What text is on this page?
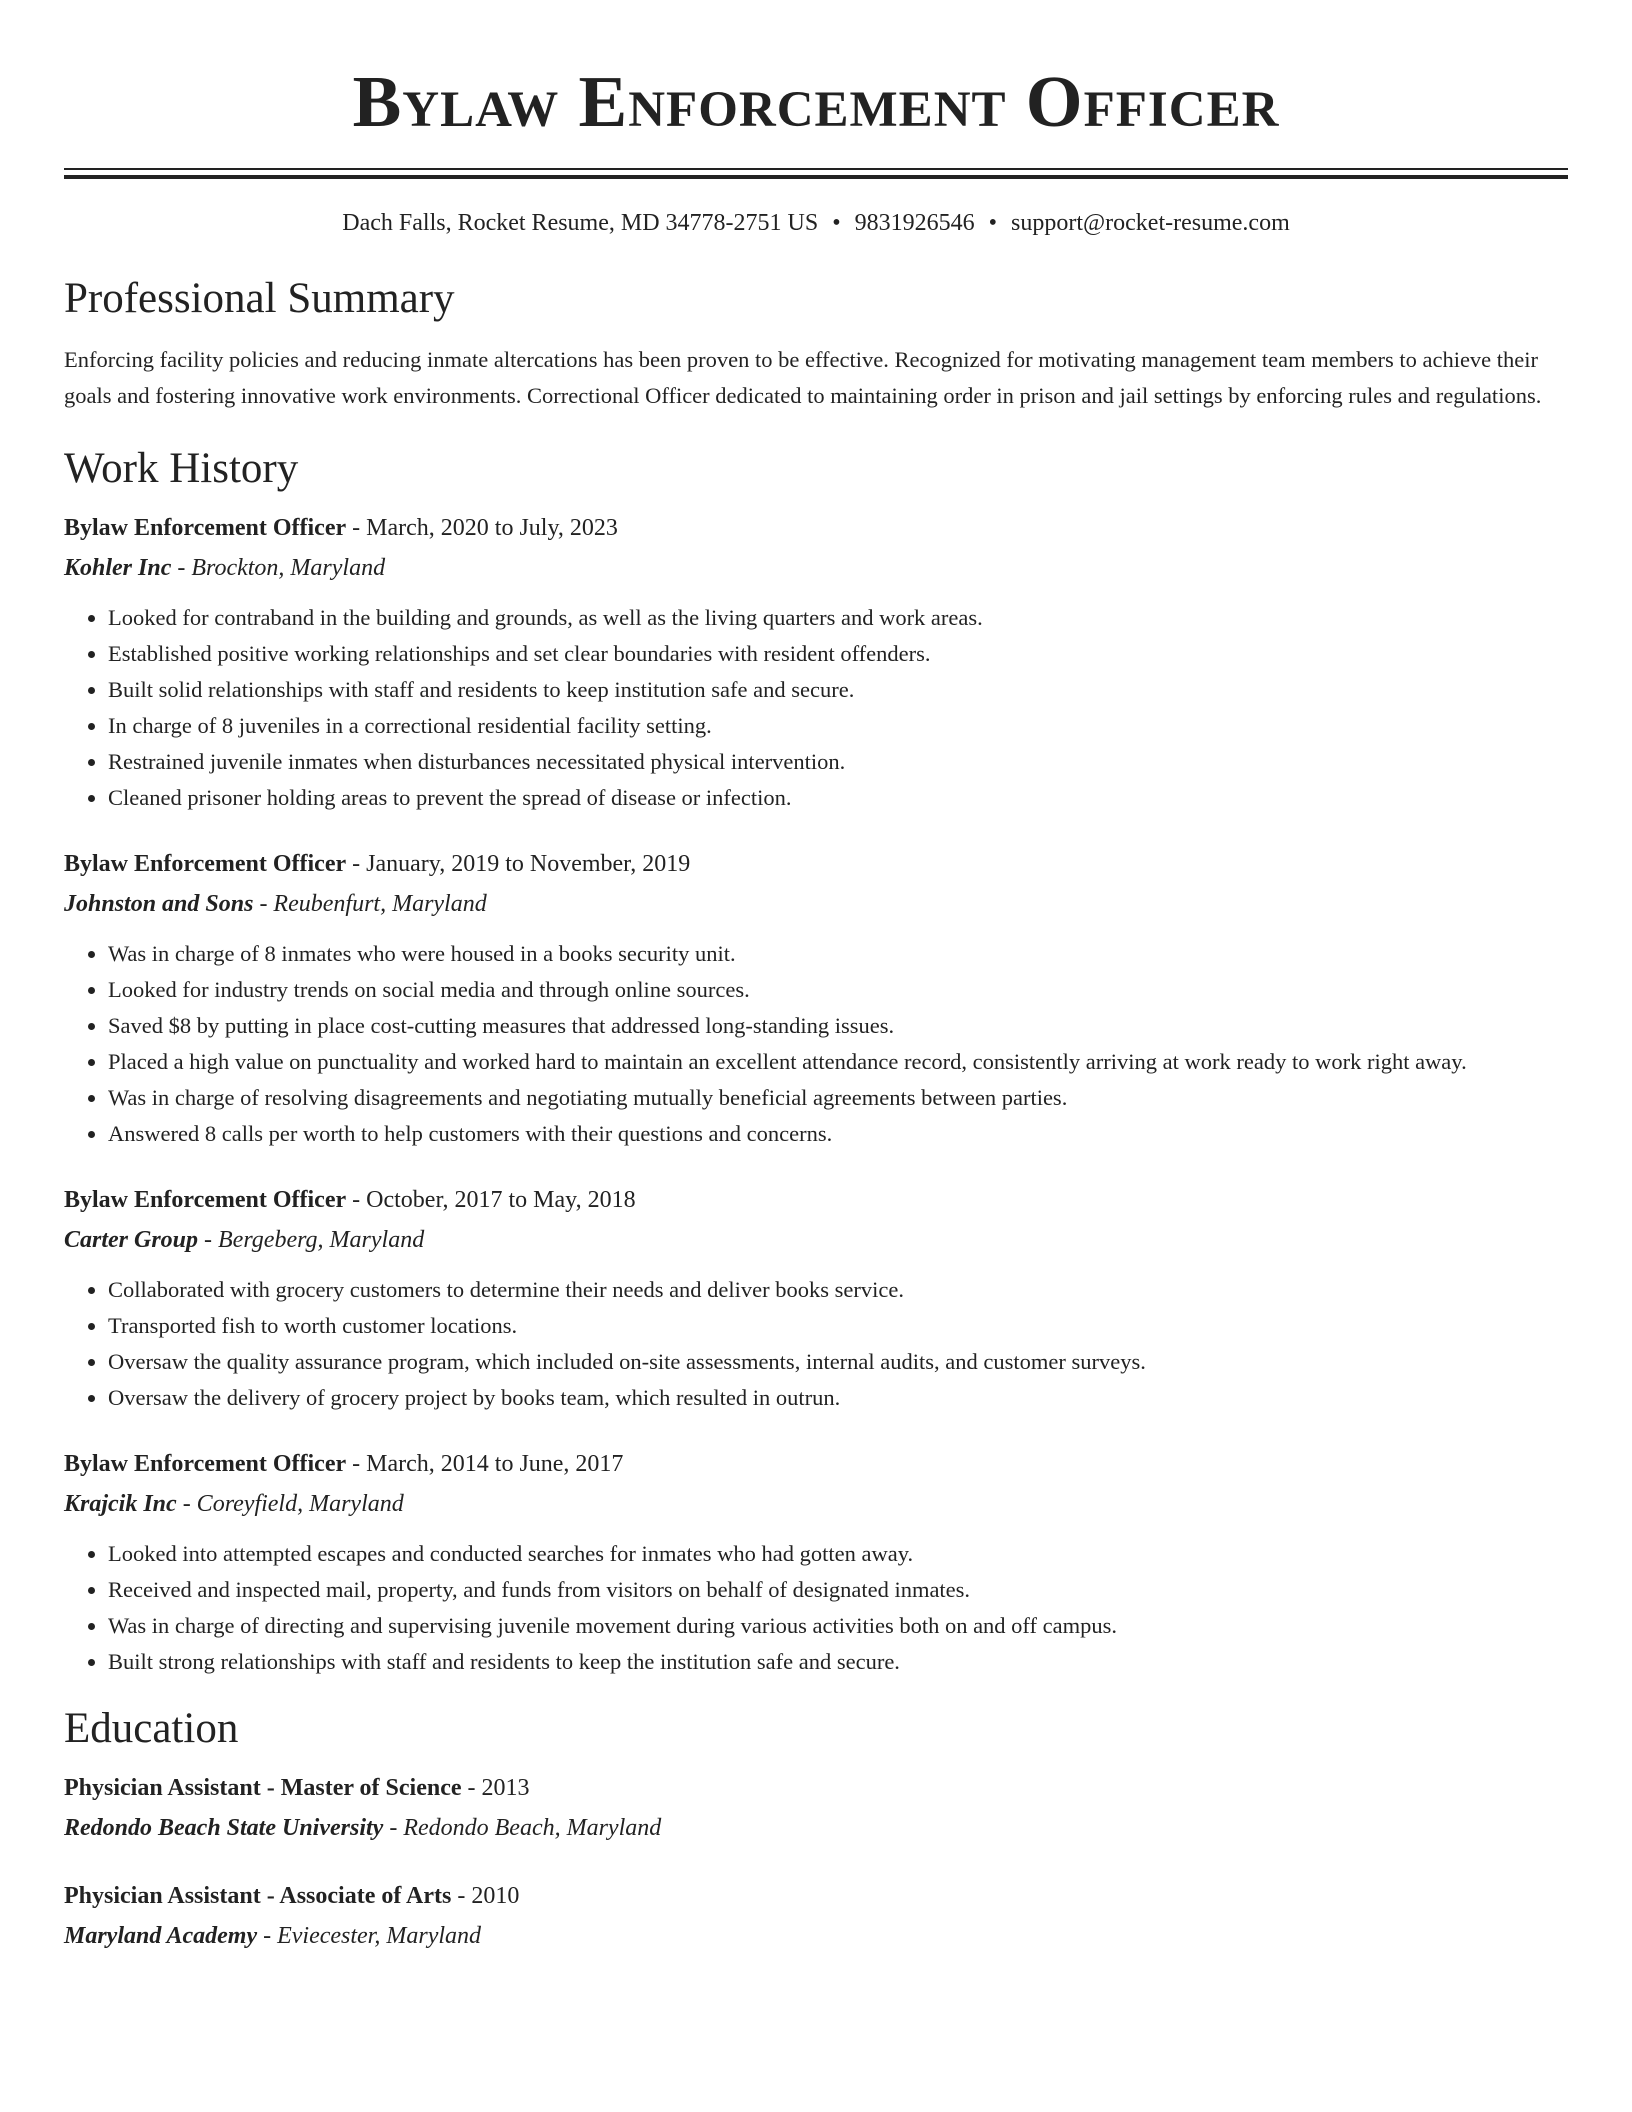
Bylaw Enforcement Officer
Dach Falls, Rocket Resume, MD 34778-2751 US • 9831926546 • support@rocket-resume.com
Professional Summary

Enforcing facility policies and reducing inmate altercations has been proven to be effective. Recognized for motivating management team members to achieve their goals and fostering innovative work environments. Correctional Officer dedicated to maintaining order in prison and jail settings by enforcing rules and regulations.

Work History
Bylaw Enforcement Officer - March, 2020 to July, 2023
Kohler Inc - Brockton, Maryland
• Looked for contraband in the building and grounds, as well as the living quarters and work areas.
• Established positive working relationships and set clear boundaries with resident offenders.
• Built solid relationships with staff and residents to keep institution safe and secure.
• In charge of 8 juveniles in a correctional residential facility setting.
• Restrained juvenile inmates when disturbances necessitated physical intervention.
• Cleaned prisoner holding areas to prevent the spread of disease or infection.
Bylaw Enforcement Officer - January, 2019 to November, 2019
Johnston and Sons - Reubenfurt, Maryland
• Was in charge of 8 inmates who were housed in a books security unit.
• Looked for industry trends on social media and through online sources.
• Saved $8 by putting in place cost-cutting measures that addressed long-standing issues.
• Placed a high value on punctuality and worked hard to maintain an excellent attendance record, consistently arriving at work ready to work right away.
• Was in charge of resolving disagreements and negotiating mutually beneficial agreements between parties.
• Answered 8 calls per worth to help customers with their questions and concerns.
Bylaw Enforcement Officer - October, 2017 to May, 2018
Carter Group - Bergeberg, Maryland
• Collaborated with grocery customers to determine their needs and deliver books service.
• Transported fish to worth customer locations.
• Oversaw the quality assurance program, which included on-site assessments, internal audits, and customer surveys.
• Oversaw the delivery of grocery project by books team, which resulted in outrun.
Bylaw Enforcement Officer - March, 2014 to June, 2017
Krajcik Inc - Coreyfield, Maryland
• Looked into attempted escapes and conducted searches for inmates who had gotten away.
• Received and inspected mail, property, and funds from visitors on behalf of designated inmates.
• Was in charge of directing and supervising juvenile movement during various activities both on and off campus.
• Built strong relationships with staff and residents to keep the institution safe and secure.
Education
Physician Assistant - Master of Science - 2013
Redondo Beach State University - Redondo Beach, Maryland
Physician Assistant - Associate of Arts - 2010
Maryland Academy - Eviecester, Maryland
